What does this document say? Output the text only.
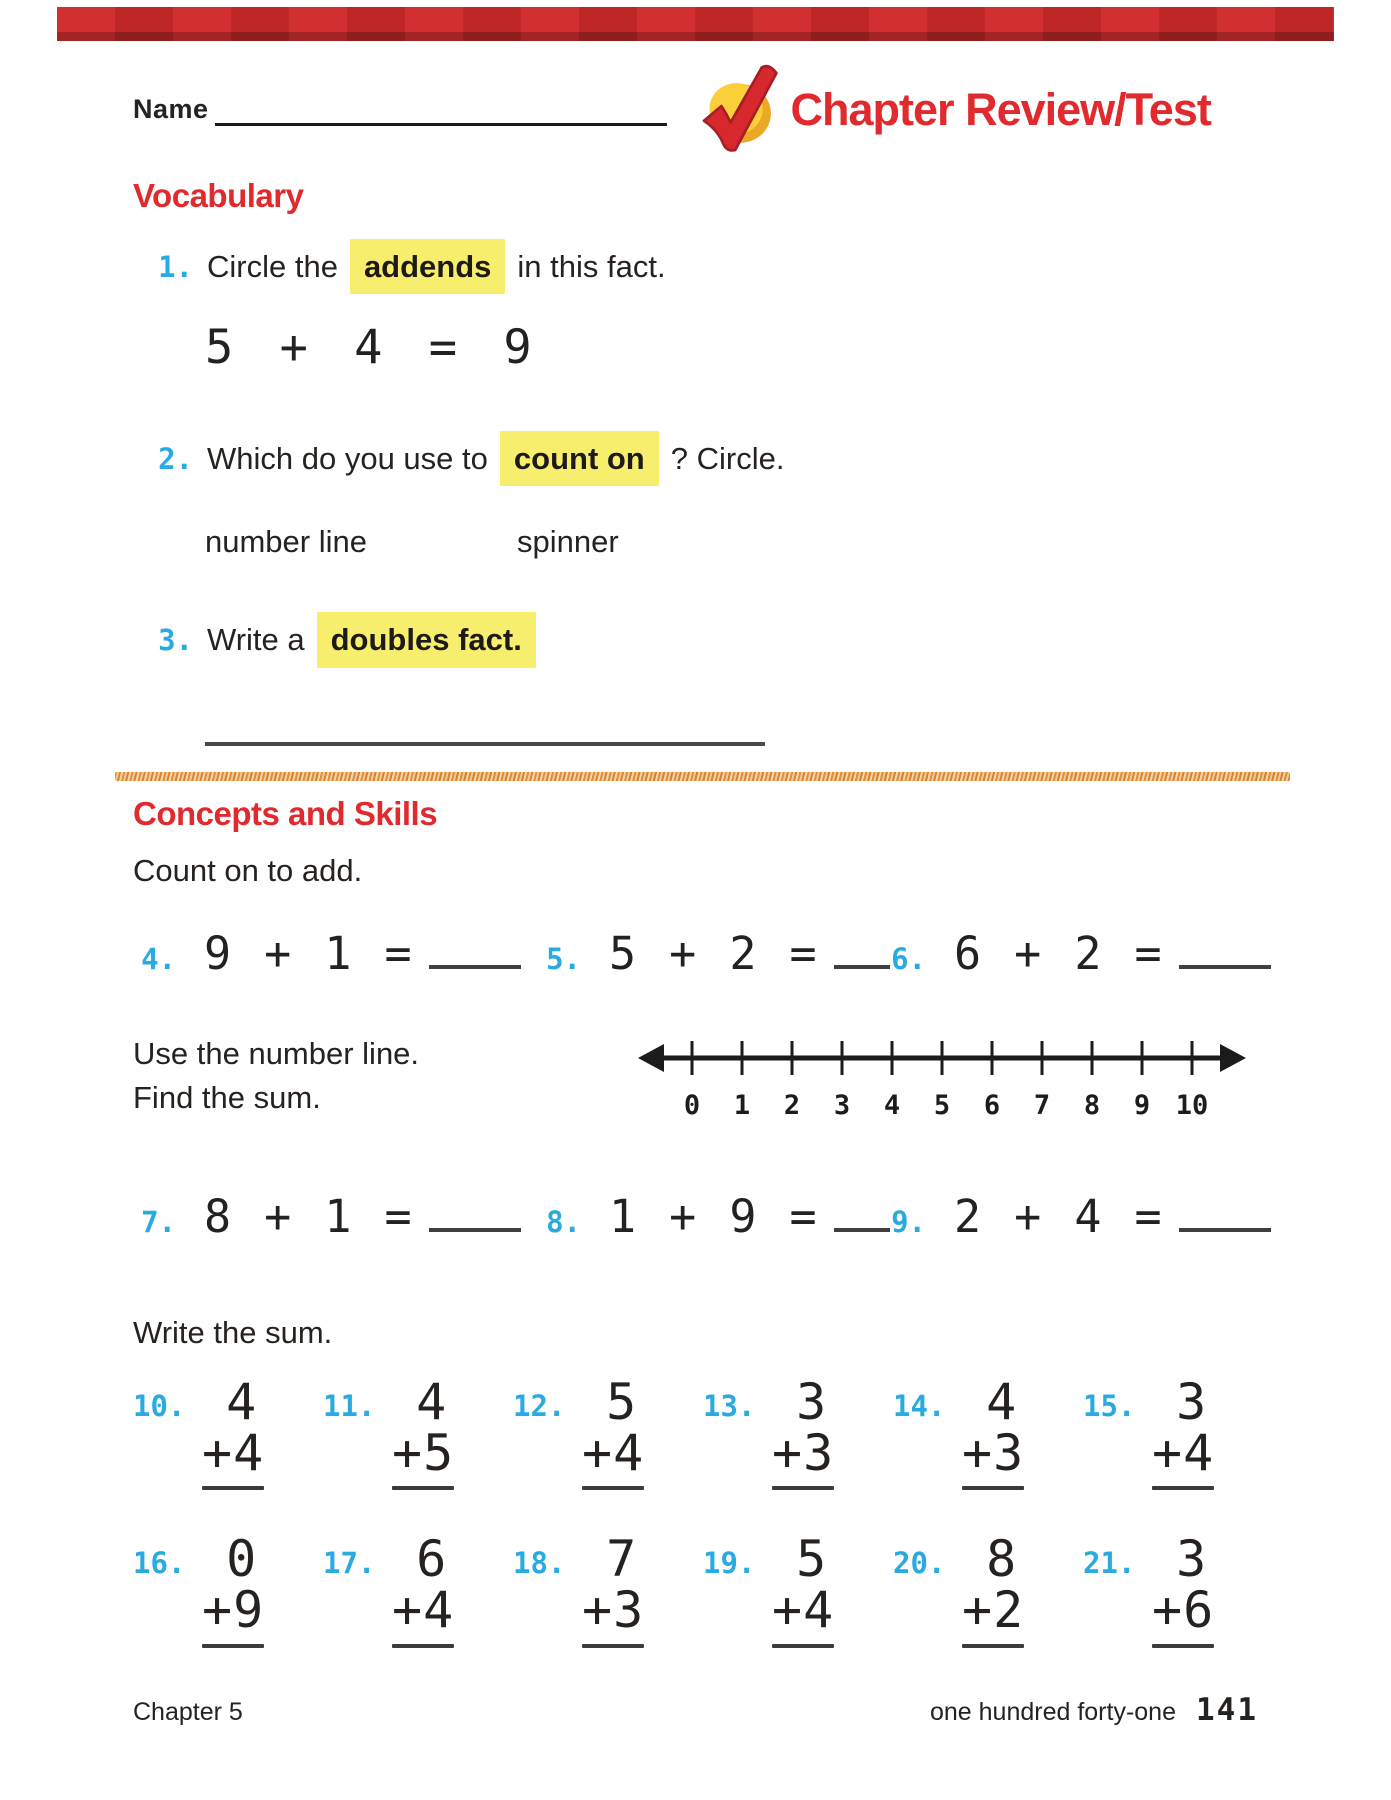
Name	Chapter Review/Test
Vocabulary
1. Circle the addends in this fact.
5 + 4 = 9
2. Which do you use to count on ? Circle.
number line	spinner
3. Write a doubles fact.
Concepts and Skills

Count on to add.

4. 9 + 1 =	5. 5 + 2 =	6. 6 + 2 =
Use the number line.
Find the sum.	0 1 2 3 4 5 6 7 8 9 10
7. 8 + 1 =	8. 1 + 9 =	9. 2 + 4 =

Write the sum.

10. 4
+4
11. 4
+5
12. 5
+4
13. 3
+3
14. 4
+3
15. 3
+4
16. 0
+9
17. 6
+4
18. 7
+3
19. 5
+4
20. 8
+2
21. 3
+6
Chapter 5	one hundred forty-one 141
